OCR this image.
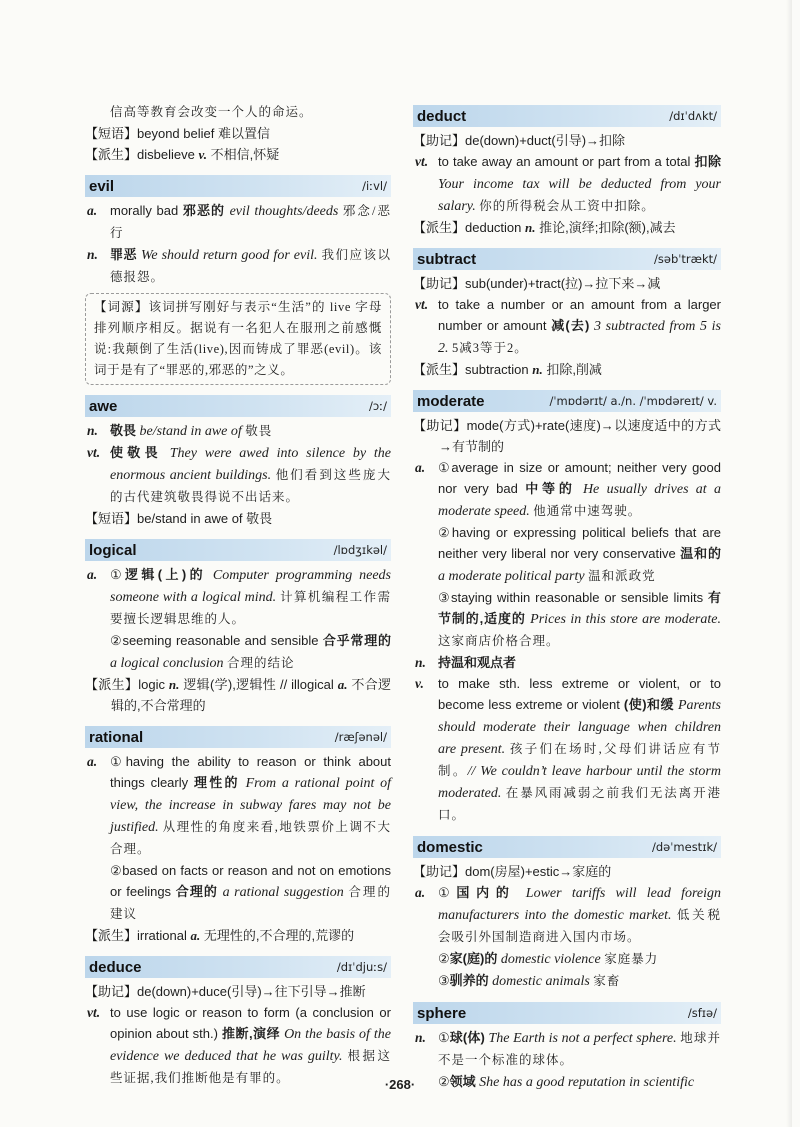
信高等教育会改变一个人的命运。
【短语】beyond belief 难以置信
【派生】disbelieve v. 不相信,怀疑
evil	/iːvl/
a. morally bad 邪恶的 evil thoughts/deeds 邪念/恶行
n. 罪恶 We should return good for evil. 我们应该以德报怨。
【词源】该词拼写刚好与表示“生活”的 live 字母排列顺序相反。据说有一名犯人在服刑之前感慨说:我颠倒了生活(live),因而铸成了罪恶(evil)。该词于是有了“罪恶的,邪恶的”之义。
awe	/ɔː/
n. 敬畏 be/stand in awe of 敬畏
vt. 使敬畏 They were awed into silence by the enormous ancient buildings. 他们看到这些庞大的古代建筑敬畏得说不出话来。
【短语】be/stand in awe of 敬畏
logical	/lɒdʒɪkəl/
a. ①逻辑(上)的 Computer programming needs someone with a logical mind. 计算机编程工作需要擅长逻辑思维的人。
②seeming reasonable and sensible 合乎常理的 a logical conclusion 合理的结论
【派生】logic n. 逻辑(学),逻辑性 // illogical a. 不合逻辑的,不合常理的
rational	/ræʃənəl/
a. ①having the ability to reason or think about things clearly 理性的 From a rational point of view, the increase in subway fares may not be justified. 从理性的角度来看,地铁票价上调不大合理。
②based on facts or reason and not on emotions or feelings 合理的 a rational suggestion 合理的建议
【派生】irrational a. 无理性的,不合理的,荒谬的
deduce	/dɪˈdjuːs/
【助记】de(down)+duce(引导)→往下引导→推断
vt. to use logic or reason to form (a conclusion or opinion about sth.) 推断,演绎 On the basis of the evidence we deduced that he was guilty. 根据这些证据,我们推断他是有罪的。
deduct	/dɪˈdʌkt/
【助记】de(down)+duct(引导)→扣除
vt. to take away an amount or part from a total 扣除 Your income tax will be deducted from your salary. 你的所得税会从工资中扣除。
【派生】deduction n. 推论,演绎;扣除(额),减去
subtract	/səbˈtrækt/
【助记】sub(under)+tract(拉)→拉下来→减
vt. to take a number or an amount from a larger number or amount 减(去) 3 subtracted from 5 is 2. 5减3等于2。
【派生】subtraction n. 扣除,削减
moderate	/ˈmɒdərɪt/ a./n. /ˈmɒdəreɪt/ v.
【助记】mode(方式)+rate(速度)→以速度适中的方式→有节制的
a. ①average in size or amount; neither very good nor very bad 中等的 He usually drives at a moderate speed. 他通常中速驾驶。
②having or expressing political beliefs that are neither very liberal nor very conservative 温和的 a moderate political party 温和派政党
③staying within reasonable or sensible limits 有节制的,适度的 Prices in this store are moderate. 这家商店价格合理。
n. 持温和观点者
v. to make sth. less extreme or violent, or to become less extreme or violent (使)和缓 Parents should moderate their language when children are present. 孩子们在场时,父母们讲话应有节制。// We couldn’t leave harbour until the storm moderated. 在暴风雨减弱之前我们无法离开港口。
domestic	/dəˈmestɪk/
【助记】dom(房屋)+estic→家庭的
a. ①国内的 Lower tariffs will lead foreign manufacturers into the domestic market. 低关税会吸引外国制造商进入国内市场。
②家(庭)的 domestic violence 家庭暴力
③驯养的 domestic animals 家畜
sphere	/sfɪə/
n. ①球(体) The Earth is not a perfect sphere. 地球并不是一个标准的球体。
②领域 She has a good reputation in scientific
·268·
